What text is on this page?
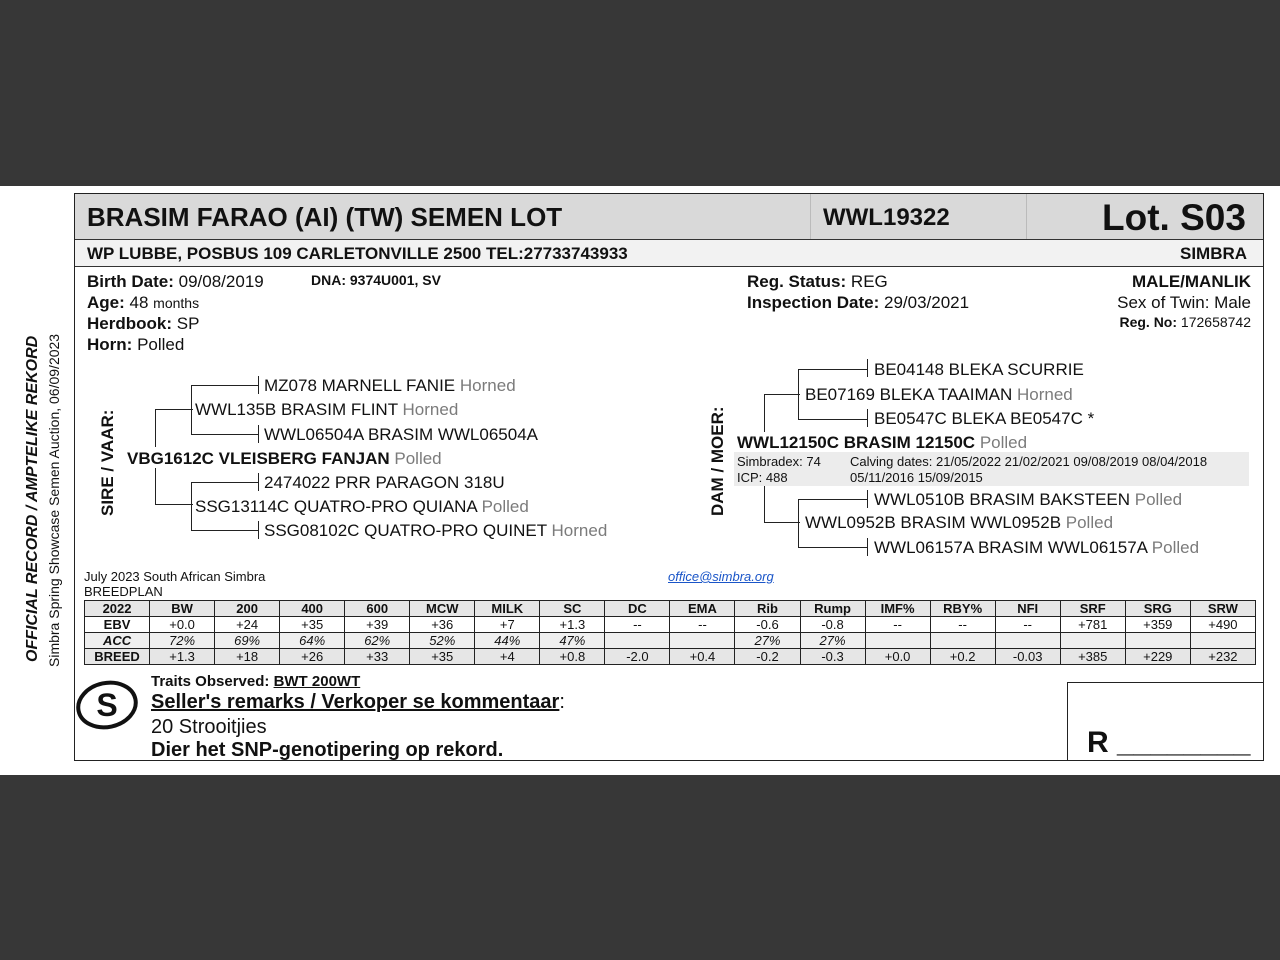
OFFICIAL RECORD / AMPTELIKE REKORD Simbra Spring Showcase Semen Auction, 06/09/2023
BRASIM FARAO (AI) (TW) SEMEN LOT	WWL19322	Lot. S03
WP LUBBE, POSBUS 109 CARLETONVILLE 2500 TEL:27733743933	SIMBRA
Birth Date: 09/08/2019	DNA: 9374U001, SV
Age: 48 months
Herdbook: SP
Horn: Polled
Reg. Status: REG
Inspection Date: 29/03/2021
MALE/MANLIK
Sex of Twin: Male
Reg. No: 172658742
SIRE / VAAR:
MZ078 MARNELL FANIE Horned
WWL135B BRASIM FLINT Horned
WWL06504A BRASIM WWL06504A
VBG1612C VLEISBERG FANJAN Polled
2474022 PRR PARAGON 318U
SSG13114C QUATRO-PRO QUIANA Polled
SSG08102C QUATRO-PRO QUINET Horned
DAM / MOER:
BE04148 BLEKA SCURRIE
BE07169 BLEKA TAAIMAN Horned
BE0547C BLEKA BE0547C *
WWL12150C BRASIM 12150C Polled
Simbradex: 74
ICP: 488
Calving dates: 21/05/2022 21/02/2021 09/08/2019 08/04/2018
05/11/2016 15/09/2015
WWL0510B BRASIM BAKSTEEN Polled
WWL0952B BRASIM WWL0952B Polled
WWL06157A BRASIM WWL06157A Polled
July 2023 South African Simbra
BREEDPLAN
office@simbra.org
2022	BW	200	400	600	MCW	MILK	SC	DC	EMA	Rib	Rump	IMF%	RBY%	NFI	SRF	SRG	SRW
EBV	+0.0	+24	+35	+39	+36	+7	+1.3	--	--	-0.6	-0.8	--	--	--	+781	+359	+490
ACC	72%	69%	64%	62%	52%	44%	47%			27%	27%						
BREED	+1.3	+18	+26	+33	+35	+4	+0.8	-2.0	+0.4	-0.2	-0.3	+0.0	+0.2	-0.03	+385	+229	+232
S
Traits Observed: BWT 200WT
Seller's remarks / Verkoper se kommentaar:
20 Strooitjies
Dier het SNP-genotipering op rekord.	R ________
